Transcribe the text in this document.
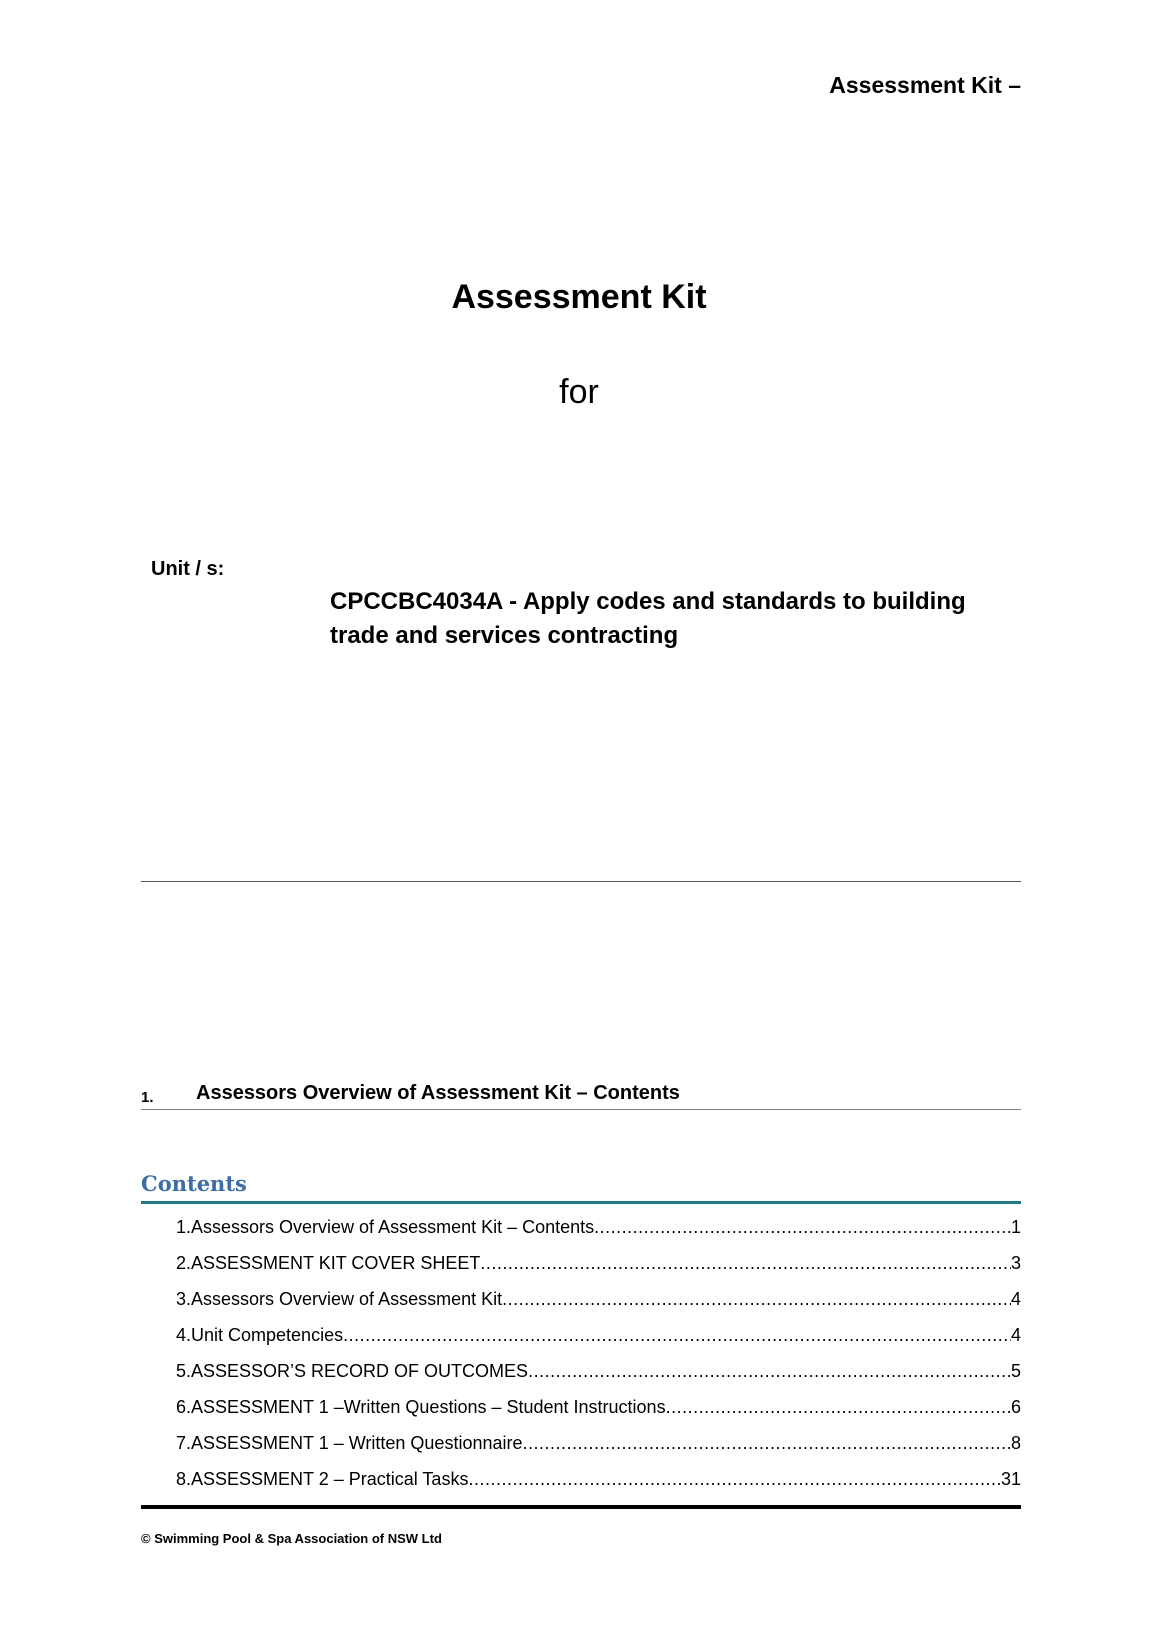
Assessment Kit –
Assessment Kit
for
Unit / s:
CPCCBC4034A - Apply codes and standards to building trade and services contracting
1. Assessors Overview of Assessment Kit – Contents
Contents
1.Assessors Overview of Assessment Kit – Contents .....	1
2.ASSESSMENT KIT COVER SHEET .....	3
3.Assessors Overview of Assessment Kit .....	4
4.Unit Competencies .....	4
5.ASSESSOR’S RECORD OF OUTCOMES .....	5
6.ASSESSMENT 1 –Written Questions – Student Instructions .....	6
7.ASSESSMENT 1 – Written Questionnaire .....	8
8.ASSESSMENT 2 – Practical Tasks .....	31
© Swimming Pool & Spa Association of NSW Ltd
